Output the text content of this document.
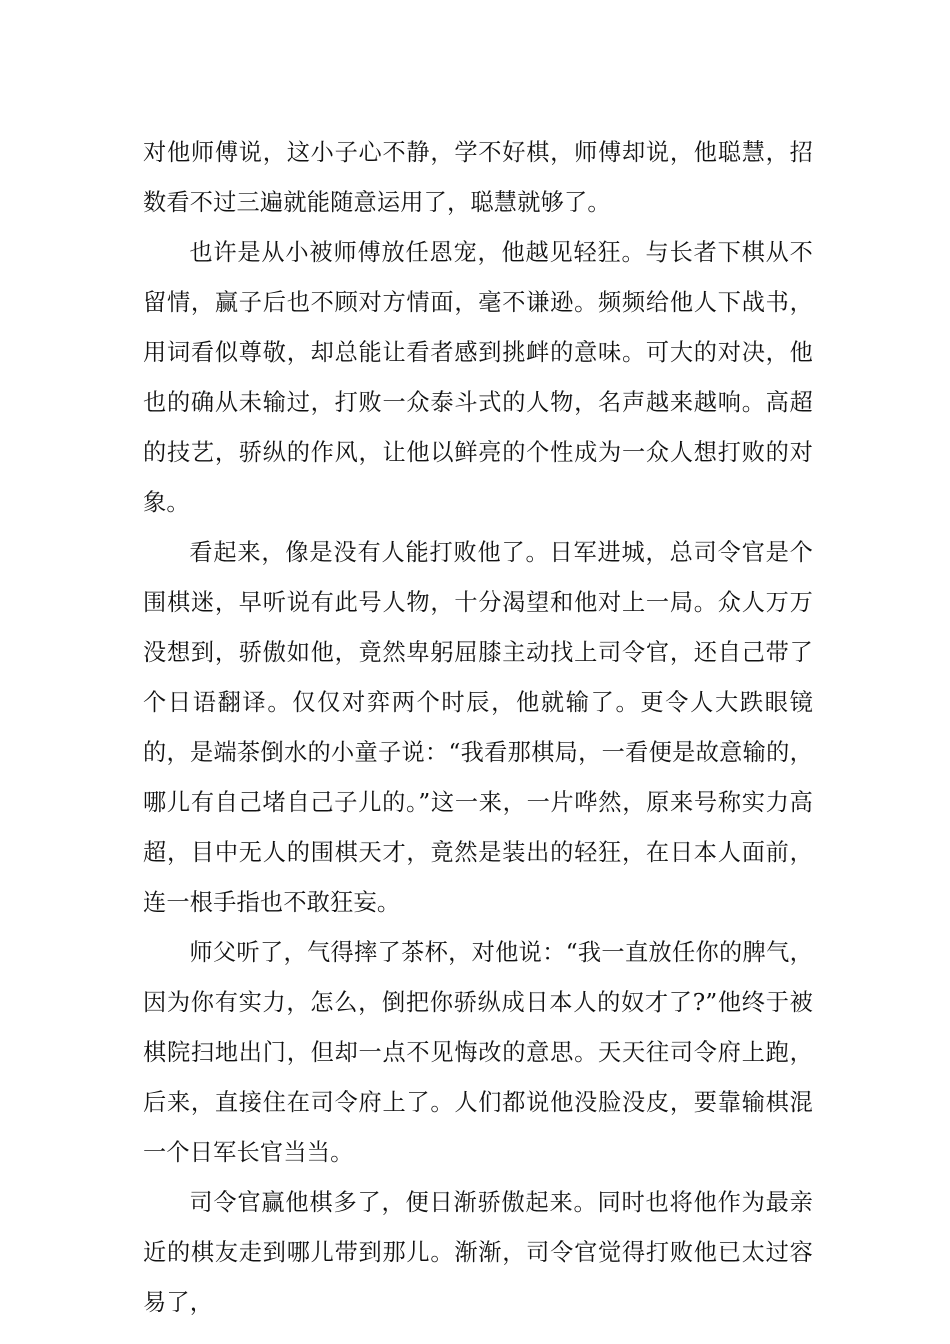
对他师傅说，这小子心不静，学不好棋，师傅却说，他聪慧，招数看不过三遍就能随意运用了，聪慧就够了。

也许是从小被师傅放任恩宠，他越见轻狂。与长者下棋从不留情，赢子后也不顾对方情面，毫不谦逊。频频给他人下战书，用词看似尊敬，却总能让看者感到挑衅的意味。可大的对决，他也的确从未输过，打败一众泰斗式的人物，名声越来越响。高超的技艺，骄纵的作风，让他以鲜亮的个性成为一众人想打败的对象。

看起来，像是没有人能打败他了。日军进城，总司令官是个围棋迷，早听说有此号人物，十分渴望和他对上一局。众人万万没想到，骄傲如他，竟然卑躬屈膝主动找上司令官，还自己带了个日语翻译。仅仅对弈两个时辰，他就输了。更令人大跌眼镜的，是端茶倒水的小童子说：“我看那棋局，一看便是故意输的，哪儿有自己堵自己子儿的。”这一来，一片哗然，原来号称实力高超，目中无人的围棋天才，竟然是装出的轻狂，在日本人面前，连一根手指也不敢狂妄。

师父听了，气得摔了茶杯，对他说：“我一直放任你的脾气，因为你有实力，怎么，倒把你骄纵成日本人的奴才了?”他终于被棋院扫地出门，但却一点不见悔改的意思。天天往司令府上跑，后来，直接住在司令府上了。人们都说他没脸没皮，要靠输棋混一个日军长官当当。

司令官赢他棋多了，便日渐骄傲起来。同时也将他作为最亲近的棋友走到哪儿带到那儿。渐渐，司令官觉得打败他已太过容易了，
